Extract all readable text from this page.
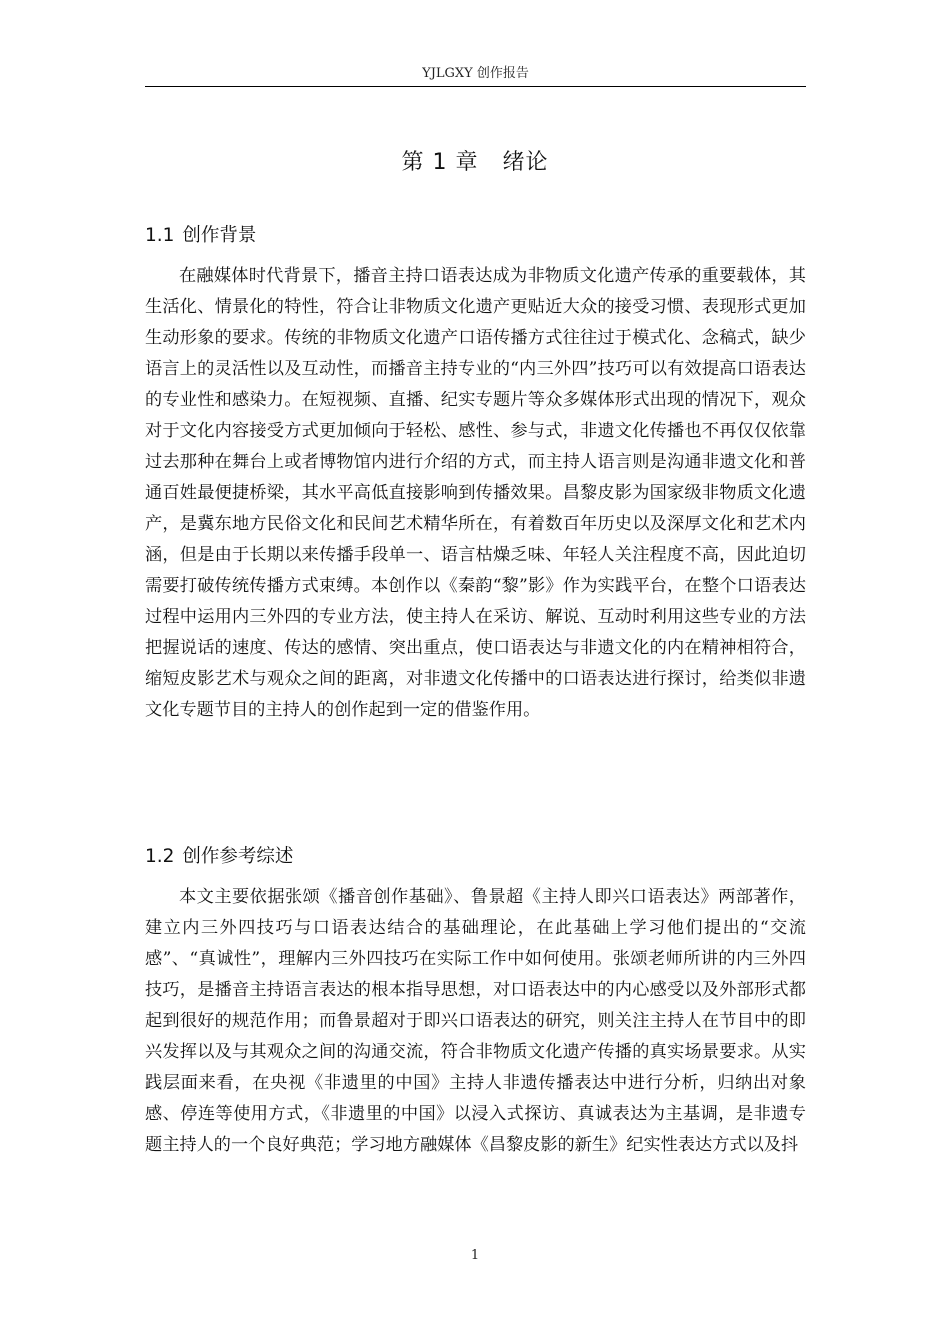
YJLGXY 创作报告
第 1 章 绪论
1.1 创作背景

在融媒体时代背景下，播音主持口语表达成为非物质文化遗产传承的重要载体，其生活化、情景化的特性，符合让非物质文化遗产更贴近大众的接受习惯、表现形式更加生动形象的要求。传统的非物质文化遗产口语传播方式往往过于模式化、念稿式，缺少语言上的灵活性以及互动性，而播音主持专业的“内三外四”技巧可以有效提高口语表达的专业性和感染力。在短视频、直播、纪实专题片等众多媒体形式出现的情况下，观众对于文化内容接受方式更加倾向于轻松、感性、参与式，非遗文化传播也不再仅仅依靠过去那种在舞台上或者博物馆内进行介绍的方式，而主持人语言则是沟通非遗文化和普通百姓最便捷桥梁，其水平高低直接影响到传播效果。昌黎皮影为国家级非物质文化遗产，是冀东地方民俗文化和民间艺术精华所在，有着数百年历史以及深厚文化和艺术内涵，但是由于长期以来传播手段单一、语言枯燥乏味、年轻人关注程度不高，因此迫切需要打破传统传播方式束缚。本创作以《秦韵“黎”影》作为实践平台，在整个口语表达过程中运用内三外四的专业方法，使主持人在采访、解说、互动时利用这些专业的方法把握说话的速度、传达的感情、突出重点，使口语表达与非遗文化的内在精神相符合，缩短皮影艺术与观众之间的距离，对非遗文化传播中的口语表达进行探讨，给类似非遗文化专题节目的主持人的创作起到一定的借鉴作用。

1.2 创作参考综述

本文主要依据张颂《播音创作基础》、鲁景超《主持人即兴口语表达》两部著作，建立内三外四技巧与口语表达结合的基础理论，在此基础上学习他们提出的“交流感”、“真诚性”，理解内三外四技巧在实际工作中如何使用。张颂老师所讲的内三外四技巧，是播音主持语言表达的根本指导思想，对口语表达中的内心感受以及外部形式都起到很好的规范作用；而鲁景超对于即兴口语表达的研究，则关注主持人在节目中的即兴发挥以及与其观众之间的沟通交流，符合非物质文化遗产传播的真实场景要求。从实践层面来看，在央视《非遗里的中国》主持人非遗传播表达中进行分析，归纳出对象感、停连等使用方式，《非遗里的中国》以浸入式探访、真诚表达为主基调，是非遗专题主持人的一个良好典范；学习地方融媒体《昌黎皮影的新生》纪实性表达方式以及抖

1
